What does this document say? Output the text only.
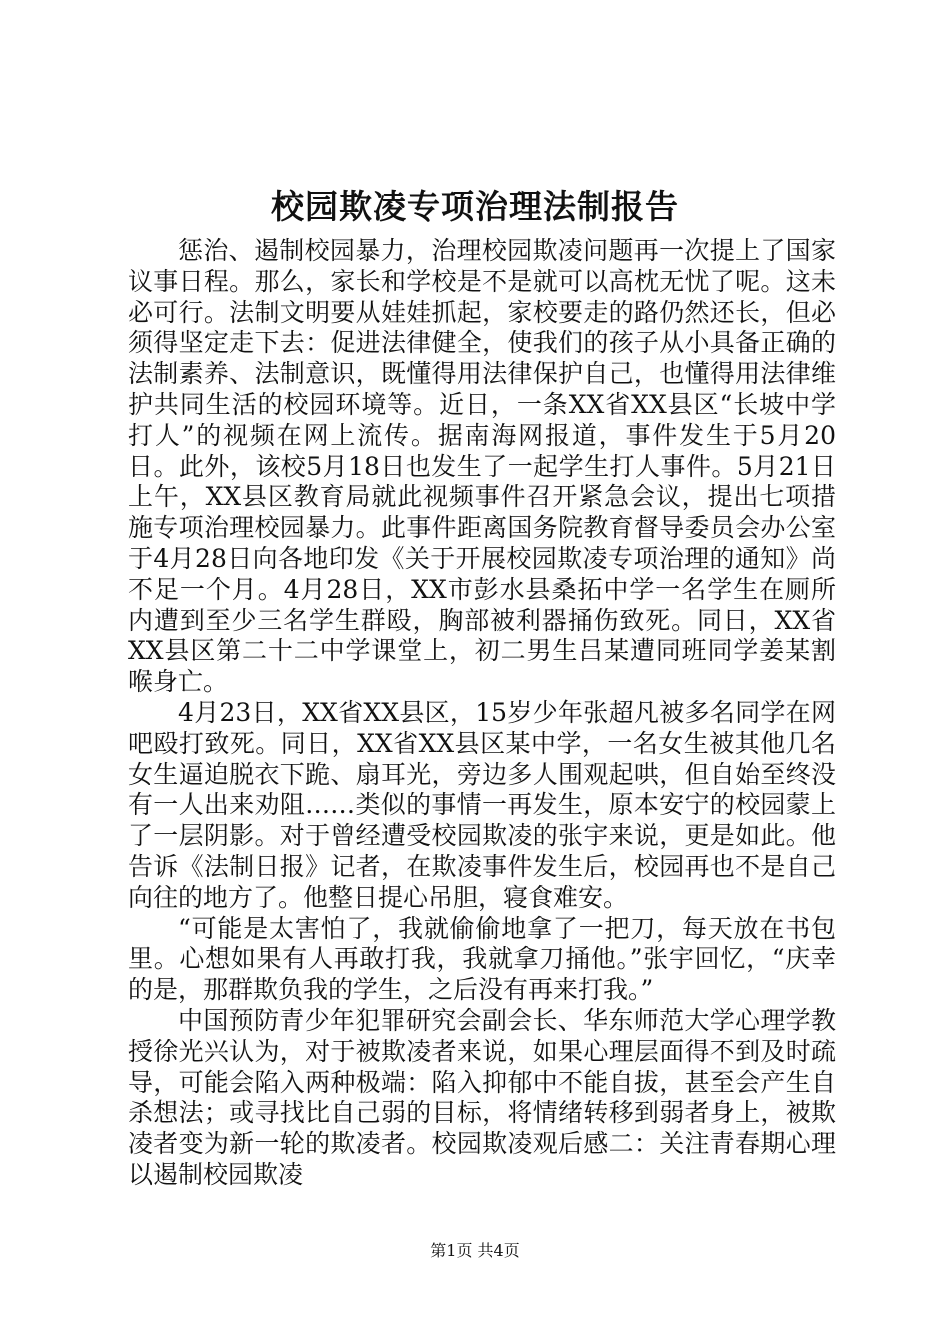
校园欺凌专项治理法制报告

惩治、遏制校园暴力，治理校园欺凌问题再一次提上了国家议事日程。那么，家长和学校是不是就可以高枕无忧了呢。这未必可行。法制文明要从娃娃抓起，家校要走的路仍然还长，但必须得坚定走下去：促进法律健全，使我们的孩子从小具备正确的法制素养、法制意识，既懂得用法律保护自己，也懂得用法律维护共同生活的校园环境等。近日，一条XX省XX县区“长坡中学打人”的视频在网上流传。据南海网报道，事件发生于5月20日。此外，该校5月18日也发生了一起学生打人事件。5月21日上午，XX县区教育局就此视频事件召开紧急会议，提出七项措施专项治理校园暴力。此事件距离国务院教育督导委员会办公室于4月28日向各地印发《关于开展校园欺凌专项治理的通知》尚不足一个月。4月28日，XX市彭水县桑拓中学一名学生在厕所内遭到至少三名学生群殴，胸部被利器捅伤致死。同日，XX省XX县区第二十二中学课堂上，初二男生吕某遭同班同学姜某割喉身亡。

4月23日，XX省XX县区，15岁少年张超凡被多名同学在网吧殴打致死。同日，XX省XX县区某中学，一名女生被其他几名女生逼迫脱衣下跪、扇耳光，旁边多人围观起哄，但自始至终没有一人出来劝阻……类似的事情一再发生，原本安宁的校园蒙上了一层阴影。对于曾经遭受校园欺凌的张宇来说，更是如此。他告诉《法制日报》记者，在欺凌事件发生后，校园再也不是自己向往的地方了。他整日提心吊胆，寝食难安。

“可能是太害怕了，我就偷偷地拿了一把刀，每天放在书包里。心想如果有人再敢打我，我就拿刀捅他。”张宇回忆，“庆幸的是，那群欺负我的学生，之后没有再来打我。”

中国预防青少年犯罪研究会副会长、华东师范大学心理学教授徐光兴认为，对于被欺凌者来说，如果心理层面得不到及时疏导，可能会陷入两种极端：陷入抑郁中不能自拔，甚至会产生自杀想法；或寻找比自己弱的目标，将情绪转移到弱者身上，被欺凌者变为新一轮的欺凌者。校园欺凌观后感二：关注青春期心理以遏制校园欺凌

第1页 共4页
